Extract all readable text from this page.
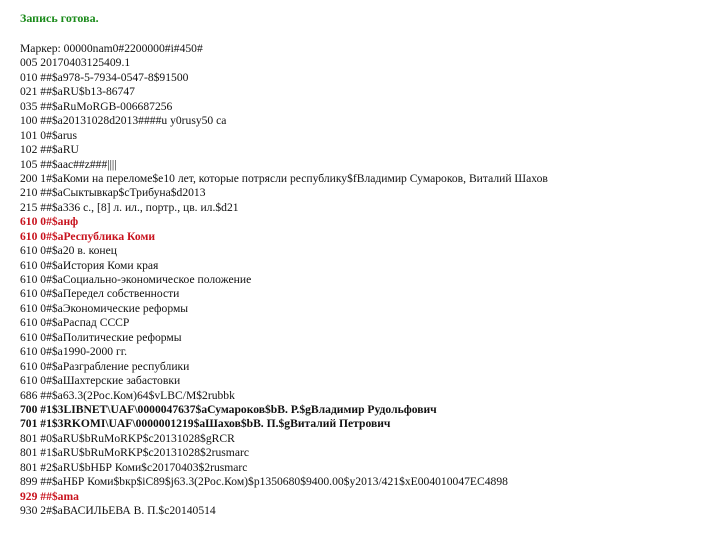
Запись готова.
Маркер: 00000nam0#2200000#i#450#
005 20170403125409.1
010 ##$a978-5-7934-0547-8$91500
021 ##$aRU$b13-86747
035 ##$aRuMoRGB-006687256
100 ##$a20131028d2013####u y0rusy50 ca
101 0#$arus
102 ##$aRU
105 ##$aac##z###||||
200 1#$aКоми на переломе$e10 лет, которые потрясли республику$fВладимир Сумароков, Виталий Шахов
210 ##$aСыктывкар$cТрибуна$d2013
215 ##$a336 с., [8] л. ил., портр., цв. ил.$d21
610 0#$aнф
610 0#$aРеспублика Коми
610 0#$a20 в. конец
610 0#$aИстория Коми края
610 0#$aСоциально-экономическое положение
610 0#$aПередел собственности
610 0#$aЭкономические реформы
610 0#$aРаспад СССР
610 0#$aПолитические реформы
610 0#$a1990-2000 гг.
610 0#$aРазграбление республики
610 0#$aШахтерские забастовки
686 ##$a63.3(2Рос.Ком)64$vLBC/M$2rubbk
700 #1$3LIBNET\UAF\0000047637$aСумароков$bВ. Р.$gВладимир Рудольфович
701 #1$3RKOMI\UAF\0000001219$aШахов$bВ. П.$gВиталий Петрович
801 #0$aRU$bRuMoRKP$c20131028$gRCR
801 #1$aRU$bRuMoRKP$c20131028$2rusmarc
801 #2$aRU$bНБР Коми$c20170403$2rusmarc
899 ##$aНБР Коми$bкр$iС89$j63.3(2Рос.Ком)$p1350680$9400.00$y2013/421$xE004010047EC4898
929 ##$ama
930 2#$aВАСИЛЬЕВА В. П.$c20140514
